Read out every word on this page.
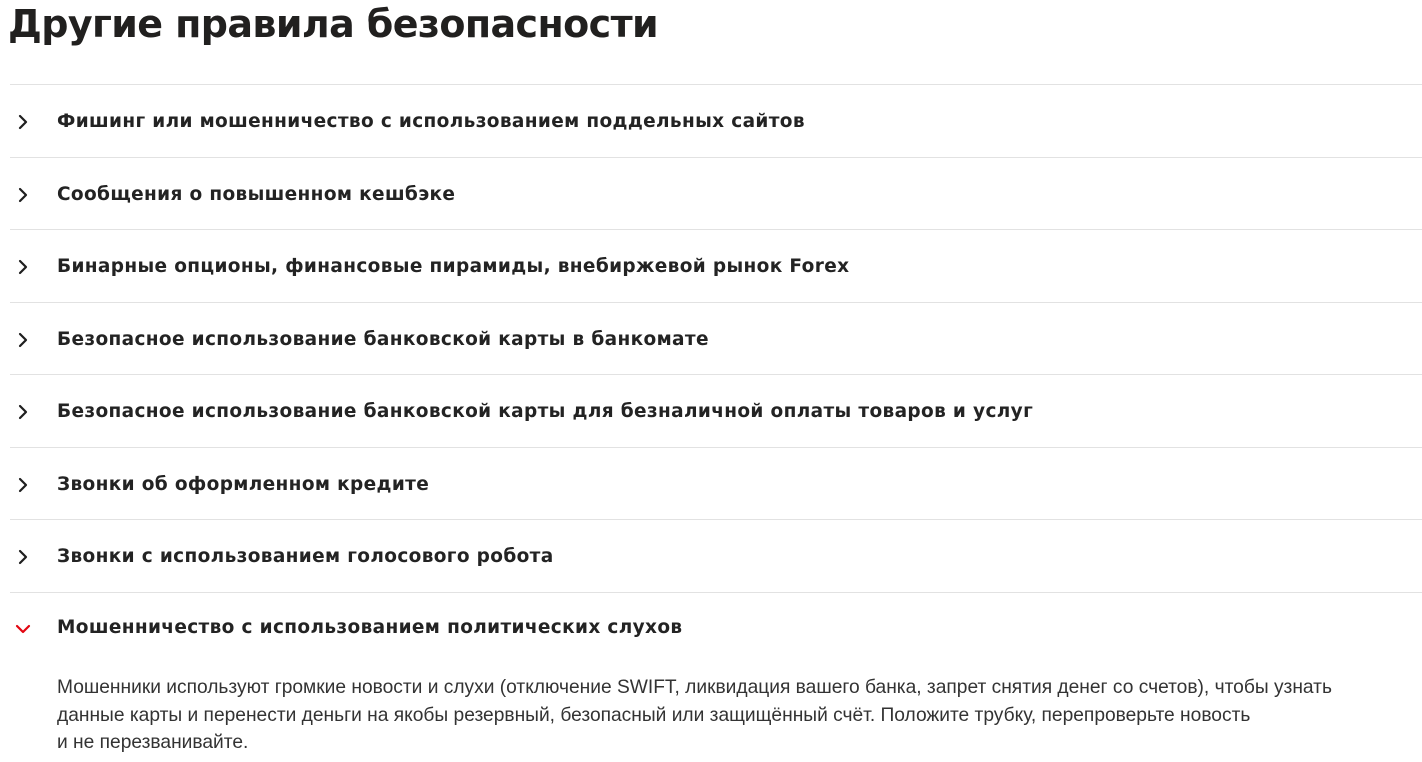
Другие правила безопасности
Фишинг или мошенничество с использованием поддельных сайтов
Сообщения о повышенном кешбэке
Бинарные опционы, финансовые пирамиды, внебиржевой рынок Forex
Безопасное использование банковской карты в банкомате
Безопасное использование банковской карты для безналичной оплаты товаров и услуг
Звонки об оформленном кредите
Звонки с использованием голосового робота
Мошенничество с использованием политических слухов
Мошенники используют громкие новости и слухи (отключение SWIFT, ликвидация вашего банка, запрет снятия денег со счетов), чтобы узнать
данные карты и перенести деньги на якобы резервный, безопасный или защищённый счёт. Положите трубку, перепроверьте новость
и не перезванивайте.
